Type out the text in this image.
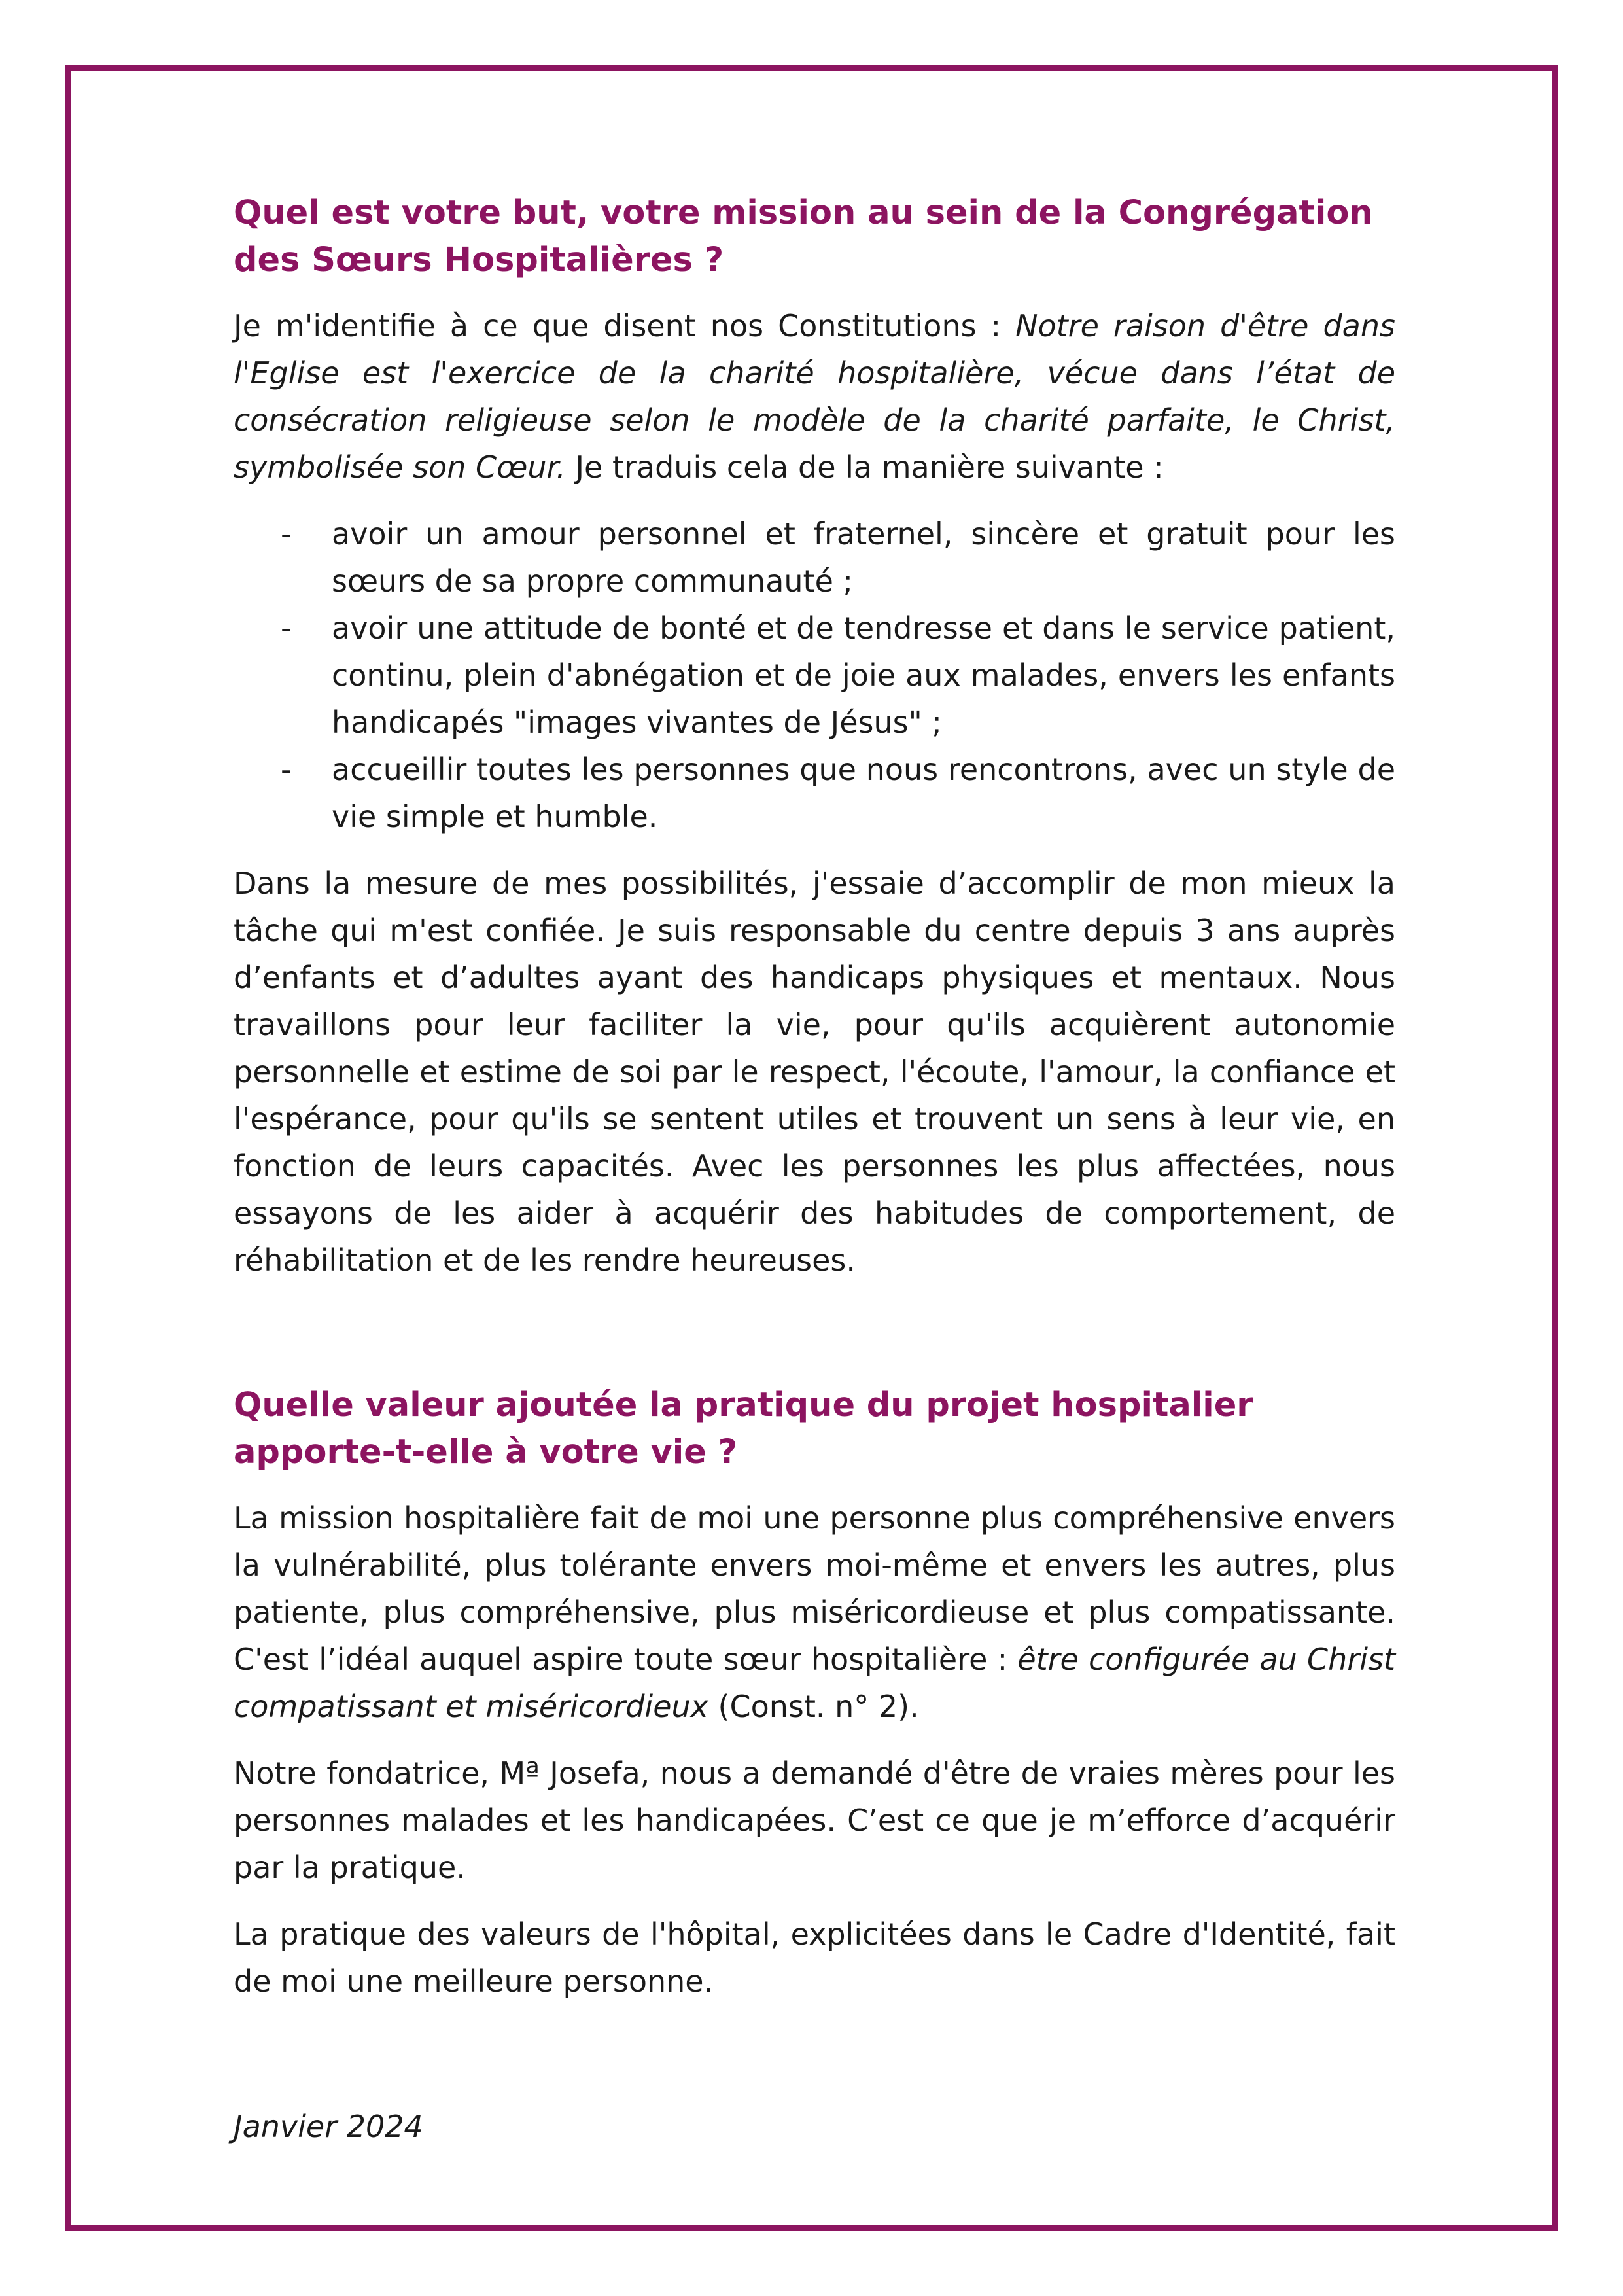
Quel est votre but, votre mission au sein de la Congrégation des Sœurs Hospitalières ?

Je m'identifie à ce que disent nos Constitutions : Notre raison d'être dans l'Eglise est l'exercice de la charité hospitalière, vécue dans l’état de consécration religieuse selon le modèle de la charité parfaite, le Christ, symbolisée son Cœur. Je traduis cela de la manière suivante :

- avoir un amour personnel et fraternel, sincère et gratuit pour les sœurs de sa propre communauté ;
- avoir une attitude de bonté et de tendresse et dans le service patient, continu, plein d'abnégation et de joie aux malades, envers les enfants handicapés "images vivantes de Jésus" ;
- accueillir toutes les personnes que nous rencontrons, avec un style de vie simple et humble.

Dans la mesure de mes possibilités, j'essaie d’accomplir de mon mieux la tâche qui m'est confiée. Je suis responsable du centre depuis 3 ans auprès d’enfants et d’adultes ayant des handicaps physiques et mentaux. Nous travaillons pour leur faciliter la vie, pour qu'ils acquièrent autonomie personnelle et estime de soi par le respect, l'écoute, l'amour, la confiance et l'espérance, pour qu'ils se sentent utiles et trouvent un sens à leur vie, en fonction de leurs capacités. Avec les personnes les plus affectées, nous essayons de les aider à acquérir des habitudes de comportement, de réhabilitation et de les rendre heureuses.

Quelle valeur ajoutée la pratique du projet hospitalier apporte-t-elle à votre vie ?

La mission hospitalière fait de moi une personne plus compréhensive envers la vulnérabilité, plus tolérante envers moi-même et envers les autres, plus patiente, plus compréhensive, plus miséricordieuse et plus compatissante. C'est l’idéal auquel aspire toute sœur hospitalière : être configurée au Christ compatissant et miséricordieux (Const. n° 2).

Notre fondatrice, Mª Josefa, nous a demandé d'être de vraies mères pour les personnes malades et les handicapées. C’est ce que je m’efforce d’acquérir par la pratique.

La pratique des valeurs de l'hôpital, explicitées dans le Cadre d'Identité, fait de moi une meilleure personne.

Janvier 2024
